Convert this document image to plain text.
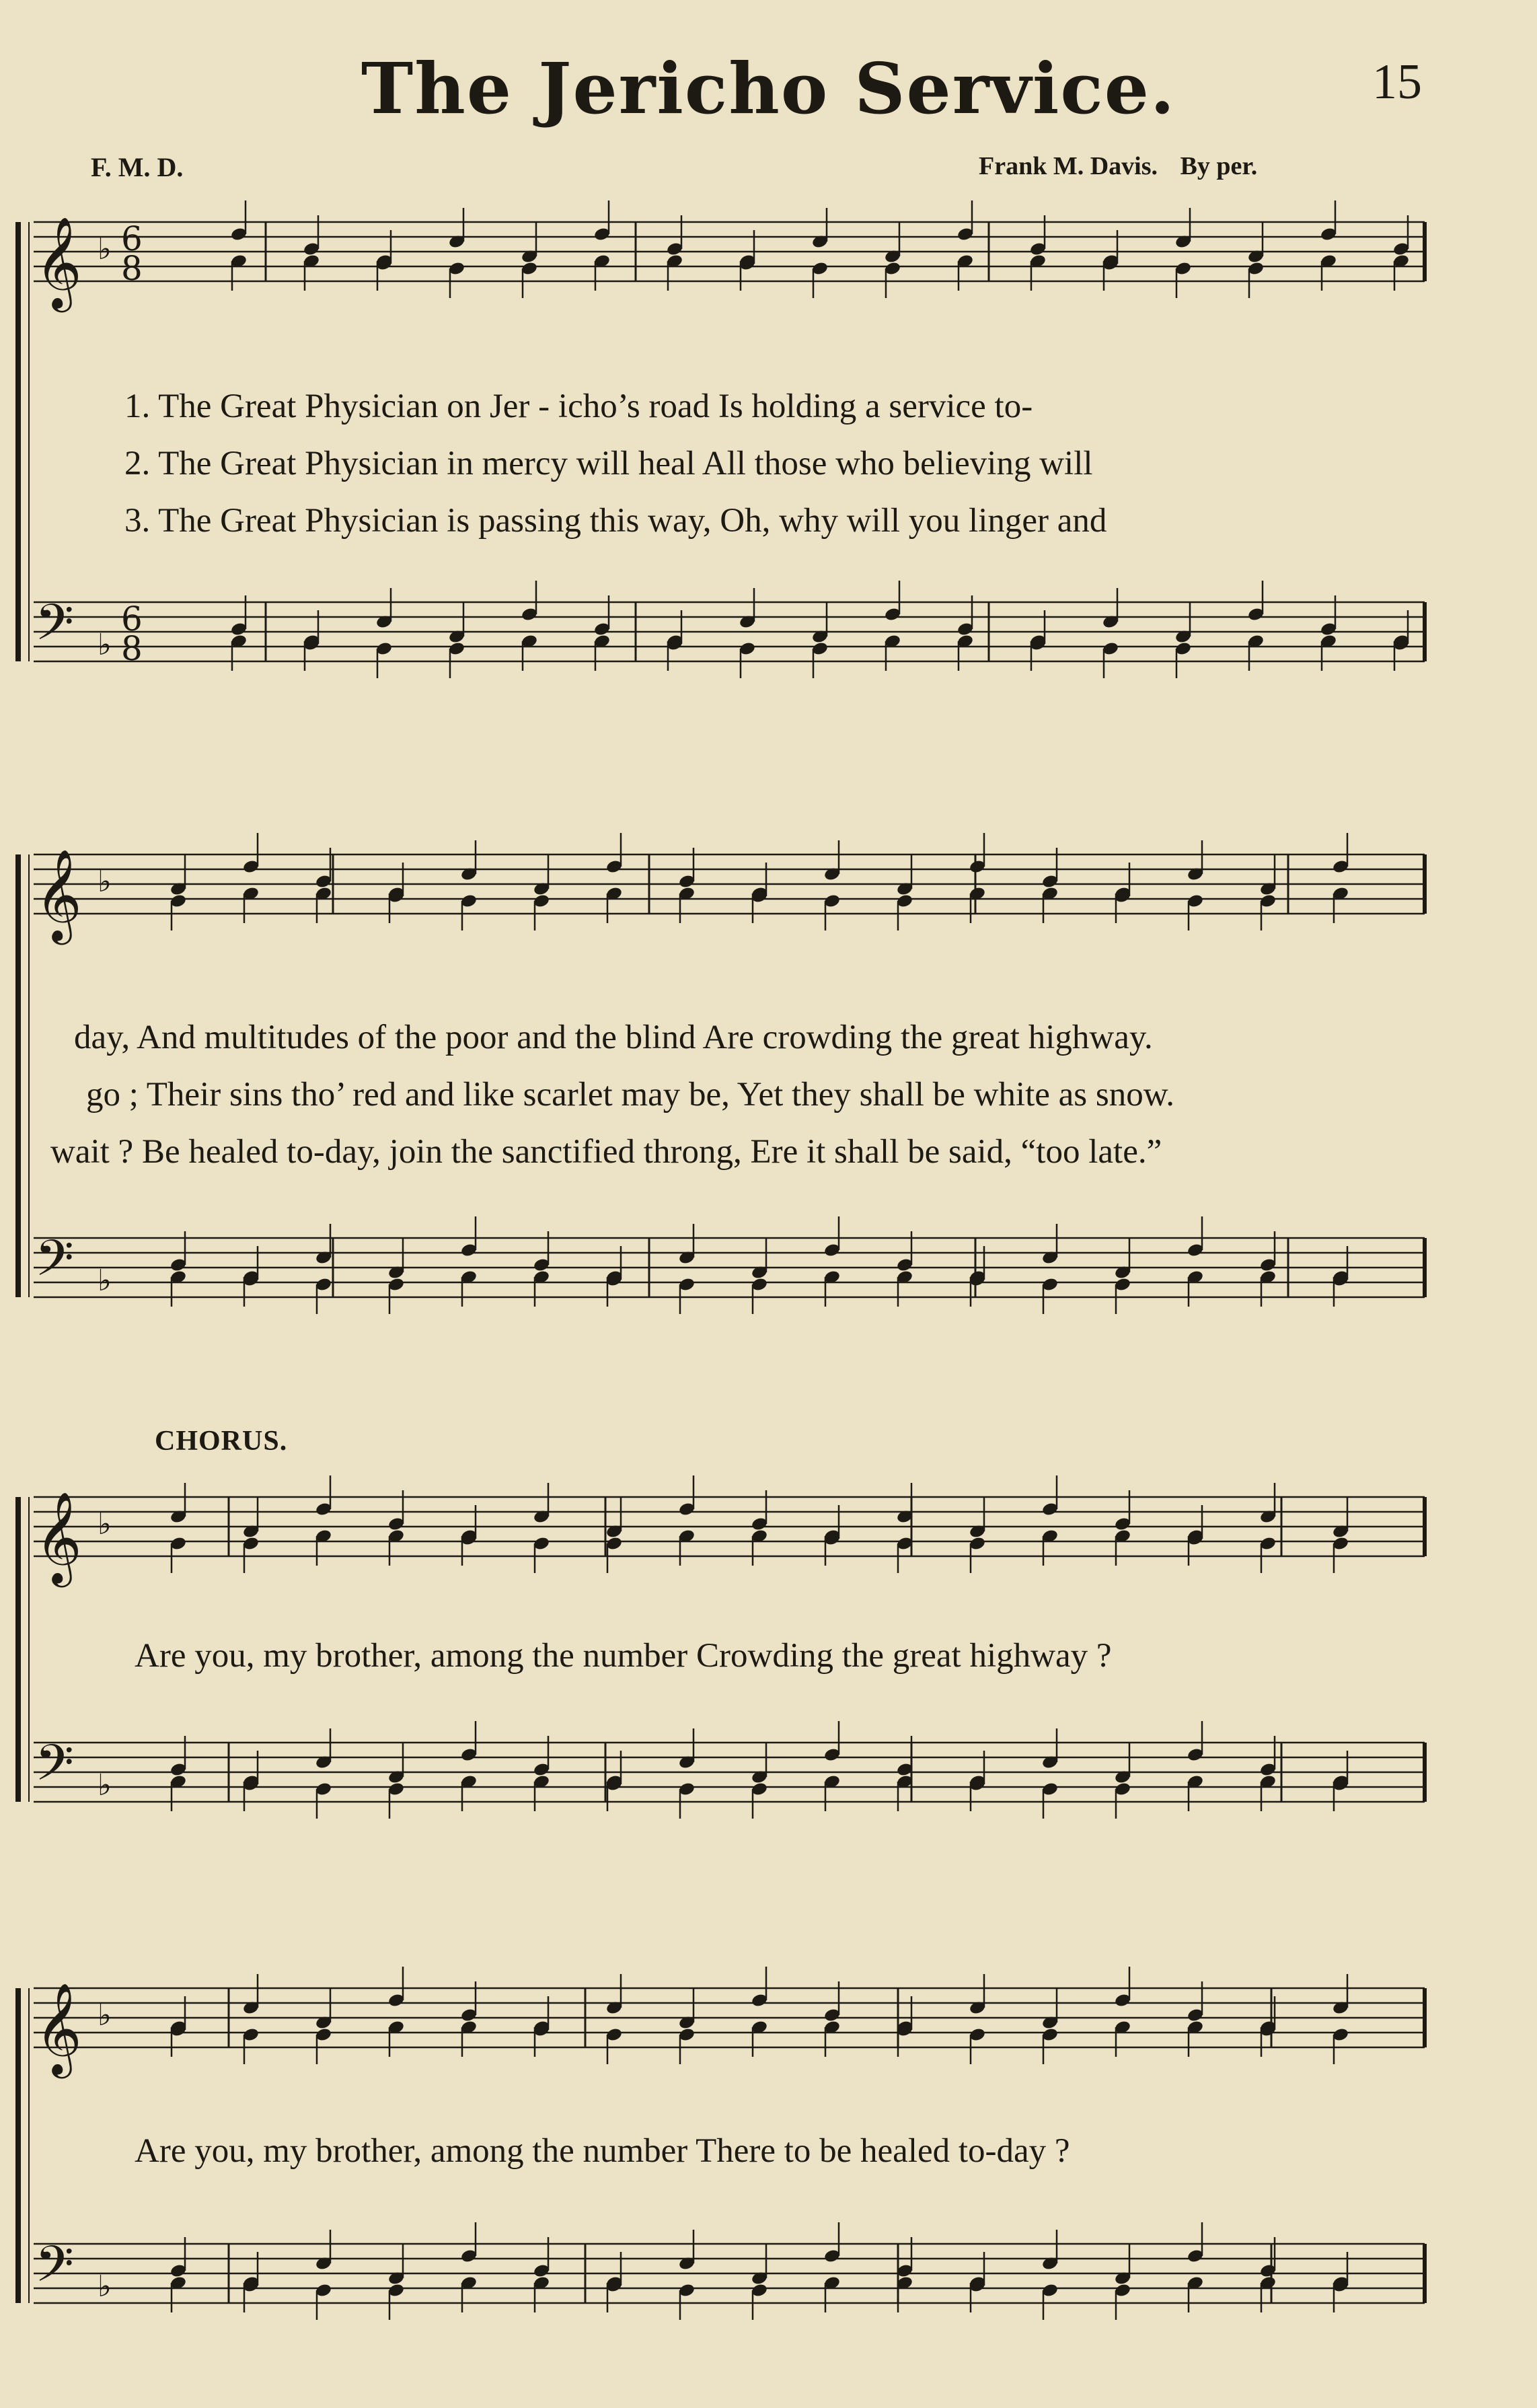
The Jericho Service.	15
F. M. D.	Frank M. Davis. By per.
𝄞 ♭ 6
8
𝄢 ♭
6
8
𝄞 ♭
𝄢 ♭
𝄞 ♭
𝄢 ♭
𝄞 ♭
𝄢 ♭
1. The Great Physician on Jer - icho’s road Is holding a service to-
2. The Great Physician in mercy will heal All those who believing will
3. The Great Physician is passing this way, Oh, why will you linger and
day, And multitudes of the poor and the blind Are crowding the great highway.
go ; Their sins tho’ red and like scarlet may be, Yet they shall be white as snow.
wait ? Be healed to-day, join the sanctified throng, Ere it shall be said, “too late.”
CHORUS.
Are you, my brother, among the number Crowding the great highway ?
Are you, my brother, among the number There to be healed to-day ?
